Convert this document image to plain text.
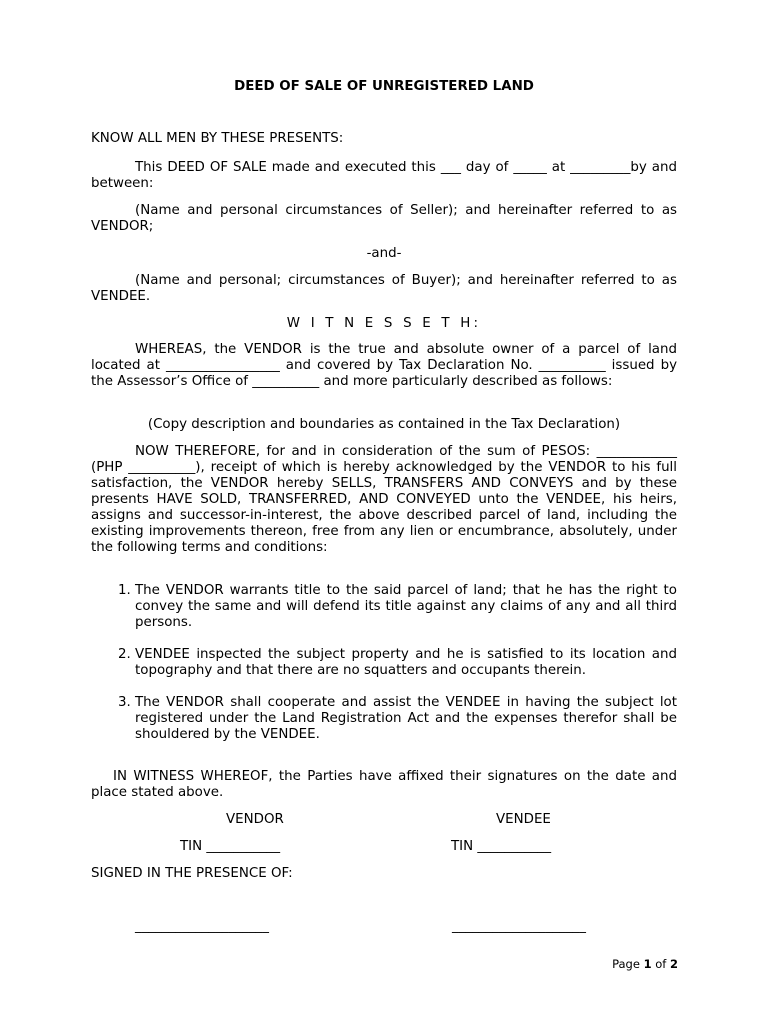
DEED OF SALE OF UNREGISTERED LAND
KNOW ALL MEN BY THESE PRESENTS:
This DEED OF SALE made and executed this ___ day of _____ at _________by and between:
(Name and personal circumstances of Seller); and hereinafter referred to as VENDOR;
-and-
(Name and personal; circumstances of Buyer); and hereinafter referred to as VENDEE.
W I T N E S S E T H:
WHEREAS, the VENDOR is the true and absolute owner of a parcel of land located at _________________ and covered by Tax Declaration No. __________ issued by the Assessor’s Office of __________ and more particularly described as follows:
(Copy description and boundaries as contained in the Tax Declaration)
NOW THEREFORE, for and in consideration of the sum of PESOS: ____________ (PHP __________), receipt of which is hereby acknowledged by the VENDOR to his full satisfaction, the VENDOR hereby SELLS, TRANSFERS AND CONVEYS and by these presents HAVE SOLD, TRANSFERRED, AND CONVEYED unto the VENDEE, his heirs, assigns and successor-in-interest, the above described parcel of land, including the existing improvements thereon, free from any lien or encumbrance, absolutely, under the following terms and conditions:
1. The VENDOR warrants title to the said parcel of land; that he has the right to convey the same and will defend its title against any claims of any and all third persons.
2. VENDEE inspected the subject property and he is satisfied to its location and topography and that there are no squatters and occupants therein.
3. The VENDOR shall cooperate and assist the VENDEE in having the subject lot registered under the Land Registration Act and the expenses therefor shall be shouldered by the VENDEE.
IN WITNESS WHEREOF, the Parties have affixed their signatures on the date and place stated above.
VENDOR	VENDEE
TIN ___________	TIN ___________
SIGNED IN THE PRESENCE OF:
____________________	____________________
Page 1 of 2
